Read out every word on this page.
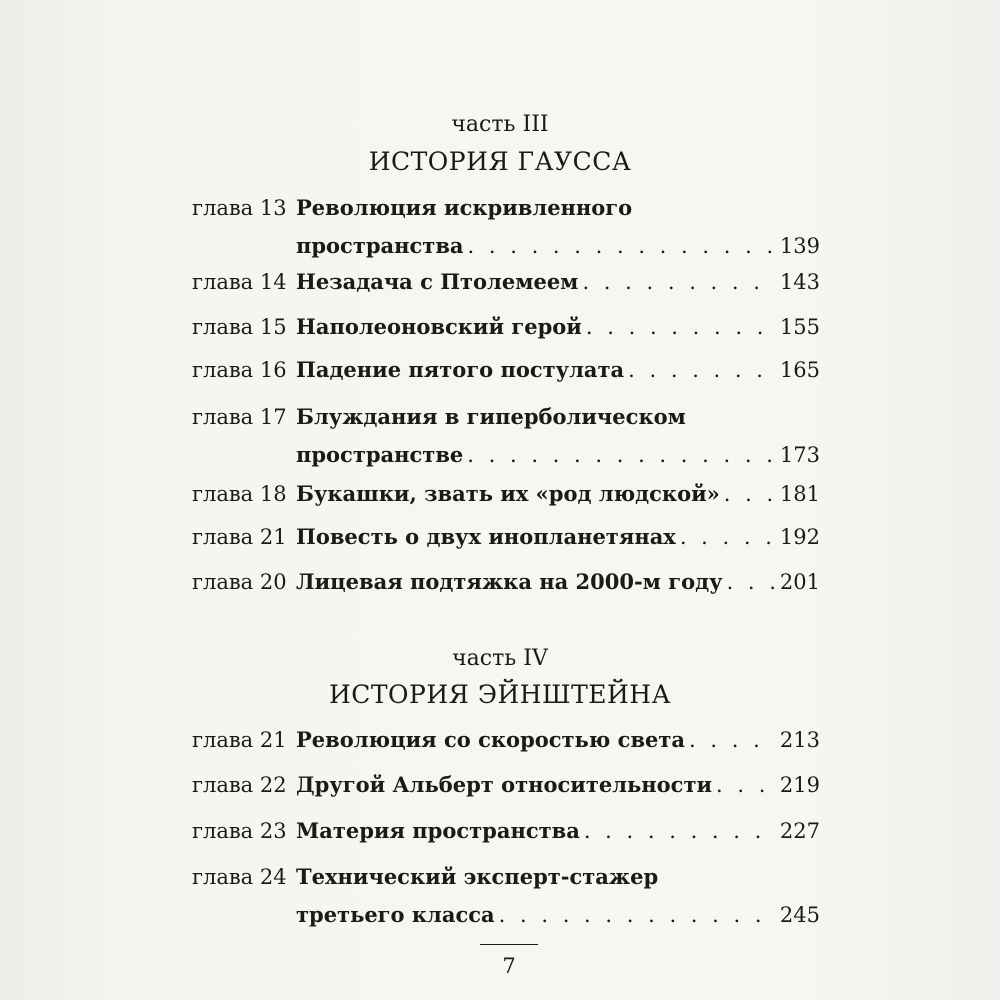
часть III
ИСТОРИЯ ГАУССА
глава 13 Революция искривленного
пространства . . .	139
глава 14 Незадача с Птолемеем . . .	143
глава 15 Наполеоновский герой . . .	155
глава 16 Падение пятого постулата . . .	165
глава 17 Блуждания в гиперболическом
пространстве . . .	173
глава 18 Букашки, звать их «род людской» . . .	181
глава 21 Повесть о двух инопланетянах . . .	192
глава 20 Лицевая подтяжка на 2000-м году . . .	201
часть IV
ИСТОРИЯ ЭЙНШТЕЙНА
глава 21 Революция со скоростью света . . .	213
глава 22 Другой Альберт относительности . . .	219
глава 23 Материя пространства . . .	227
глава 24 Технический эксперт-стажер
третьего класса . . .	245
7
